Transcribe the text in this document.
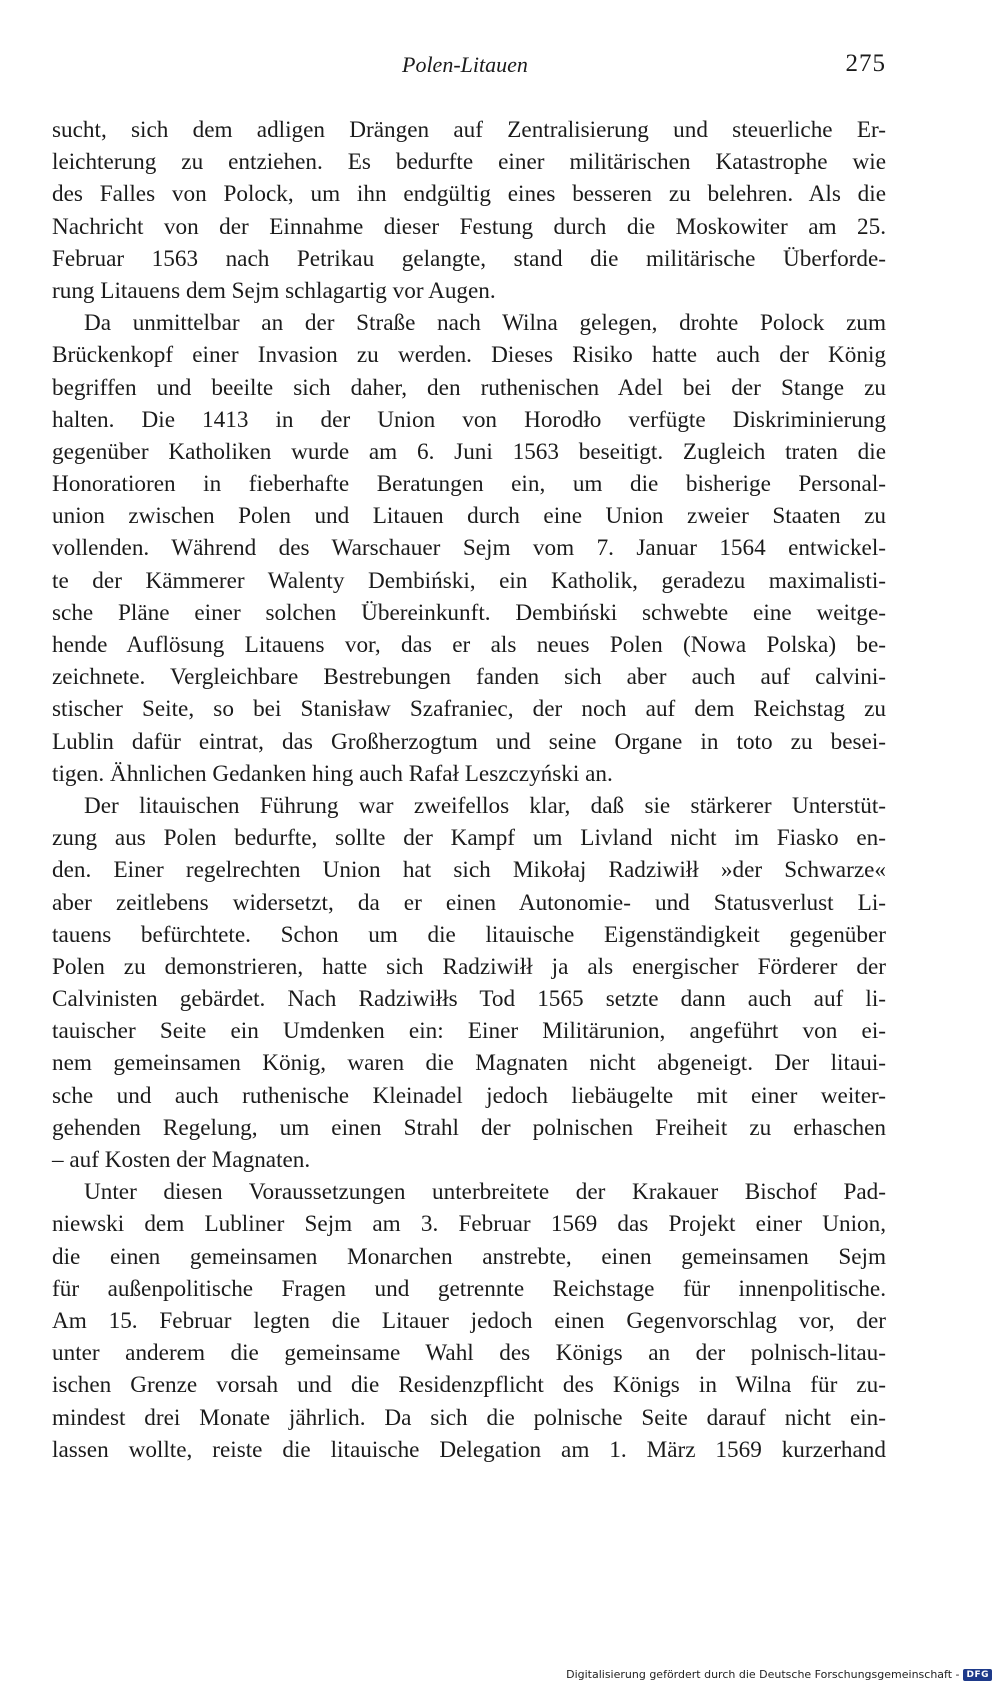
Polen-Litauen	275
sucht, sich dem adligen Drängen auf Zentralisierung und steuerliche Er-
leichterung zu entziehen. Es bedurfte einer militärischen Katastrophe wie
des Falles von Polock, um ihn endgültig eines besseren zu belehren. Als die
Nachricht von der Einnahme dieser Festung durch die Moskowiter am 25.
Februar 1563 nach Petrikau gelangte, stand die militärische Überforde-
rung Litauens dem Sejm schlagartig vor Augen.
Da unmittelbar an der Straße nach Wilna gelegen, drohte Polock zum
Brückenkopf einer Invasion zu werden. Dieses Risiko hatte auch der König
begriffen und beeilte sich daher, den ruthenischen Adel bei der Stange zu
halten. Die 1413 in der Union von Horodło verfügte Diskriminierung
gegenüber Katholiken wurde am 6. Juni 1563 beseitigt. Zugleich traten die
Honoratioren in fieberhafte Beratungen ein, um die bisherige Personal-
union zwischen Polen und Litauen durch eine Union zweier Staaten zu
vollenden. Während des Warschauer Sejm vom 7. Januar 1564 entwickel-
te der Kämmerer Walenty Dembiński, ein Katholik, geradezu maximalisti-
sche Pläne einer solchen Übereinkunft. Dembiński schwebte eine weitge-
hende Auflösung Litauens vor, das er als neues Polen (Nowa Polska) be-
zeichnete. Vergleichbare Bestrebungen fanden sich aber auch auf calvini-
stischer Seite, so bei Stanisław Szafraniec, der noch auf dem Reichstag zu
Lublin dafür eintrat, das Großherzogtum und seine Organe in toto zu besei-
tigen. Ähnlichen Gedanken hing auch Rafał Leszczyński an.
Der litauischen Führung war zweifellos klar, daß sie stärkerer Unterstüt-
zung aus Polen bedurfte, sollte der Kampf um Livland nicht im Fiasko en-
den. Einer regelrechten Union hat sich Mikołaj Radziwiłł »der Schwarze«
aber zeitlebens widersetzt, da er einen Autonomie- und Statusverlust Li-
tauens befürchtete. Schon um die litauische Eigenständigkeit gegenüber
Polen zu demonstrieren, hatte sich Radziwiłł ja als energischer Förderer der
Calvinisten gebärdet. Nach Radziwiłłs Tod 1565 setzte dann auch auf li-
tauischer Seite ein Umdenken ein: Einer Militärunion, angeführt von ei-
nem gemeinsamen König, waren die Magnaten nicht abgeneigt. Der litaui-
sche und auch ruthenische Kleinadel jedoch liebäugelte mit einer weiter-
gehenden Regelung, um einen Strahl der polnischen Freiheit zu erhaschen
– auf Kosten der Magnaten.
Unter diesen Voraussetzungen unterbreitete der Krakauer Bischof Pad-
niewski dem Lubliner Sejm am 3. Februar 1569 das Projekt einer Union,
die einen gemeinsamen Monarchen anstrebte, einen gemeinsamen Sejm
für außenpolitische Fragen und getrennte Reichstage für innenpolitische.
Am 15. Februar legten die Litauer jedoch einen Gegenvorschlag vor, der
unter anderem die gemeinsame Wahl des Königs an der polnisch-litau-
ischen Grenze vorsah und die Residenzpflicht des Königs in Wilna für zu-
mindest drei Monate jährlich. Da sich die polnische Seite darauf nicht ein-
lassen wollte, reiste die litauische Delegation am 1. März 1569 kurzerhand
Digitalisierung gefördert durch die Deutsche Forschungsgemeinschaft - DFG
